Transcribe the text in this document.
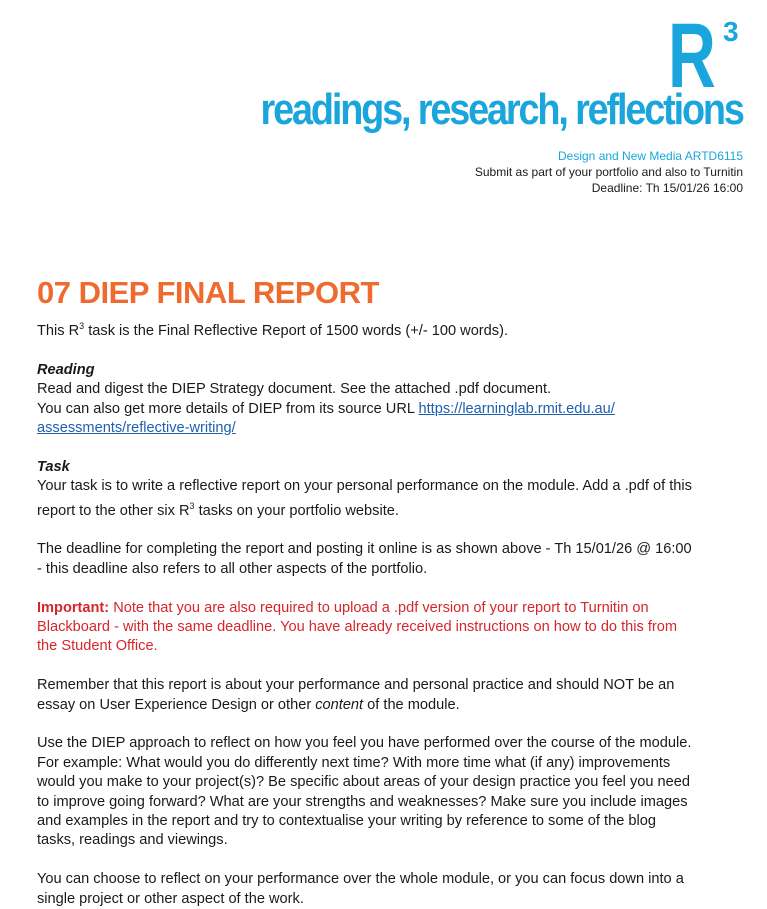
R 3
readings, research, reflections
Design and New Media ARTD6115
Submit as part of your portfolio and also to Turnitin
Deadline: Th 15/01/26 16:00
07 DIEP FINAL REPORT

This $R^3$ task is the Final Reflective Report of 1500 words (+/- 100 words).

Reading

Read and digest the DIEP Strategy document. See the attached .pdf document.

You can also get more details of DIEP from its source URL https://learninglab.rmit.edu.au/
assessments/reflective-writing/

Task

Your task is to write a reflective report on your personal performance on the module. Add a .pdf of this

report to the other six $R^3$ tasks on your portfolio website.

The deadline for completing the report and posting it online is as shown above - Th 15/01/26 @ 16:00

- this deadline also refers to all other aspects of the portfolio.

Important: Note that you are also required to upload a .pdf version of your report to Turnitin on

Blackboard - with the same deadline. You have already received instructions on how to do this from

the Student Office.

Remember that this report is about your performance and personal practice and should NOT be an

essay on User Experience Design or other content of the module.

Use the DIEP approach to reflect on how you feel you have performed over the course of the module.

For example: What would you do differently next time? With more time what (if any) improvements

would you make to your project(s)? Be specific about areas of your design practice you feel you need

to improve going forward? What are your strengths and weaknesses? Make sure you include images

and examples in the report and try to contextualise your writing by reference to some of the blog

tasks, readings and viewings.

You can choose to reflect on your performance over the whole module, or you can focus down into a

single project or other aspect of the work.
